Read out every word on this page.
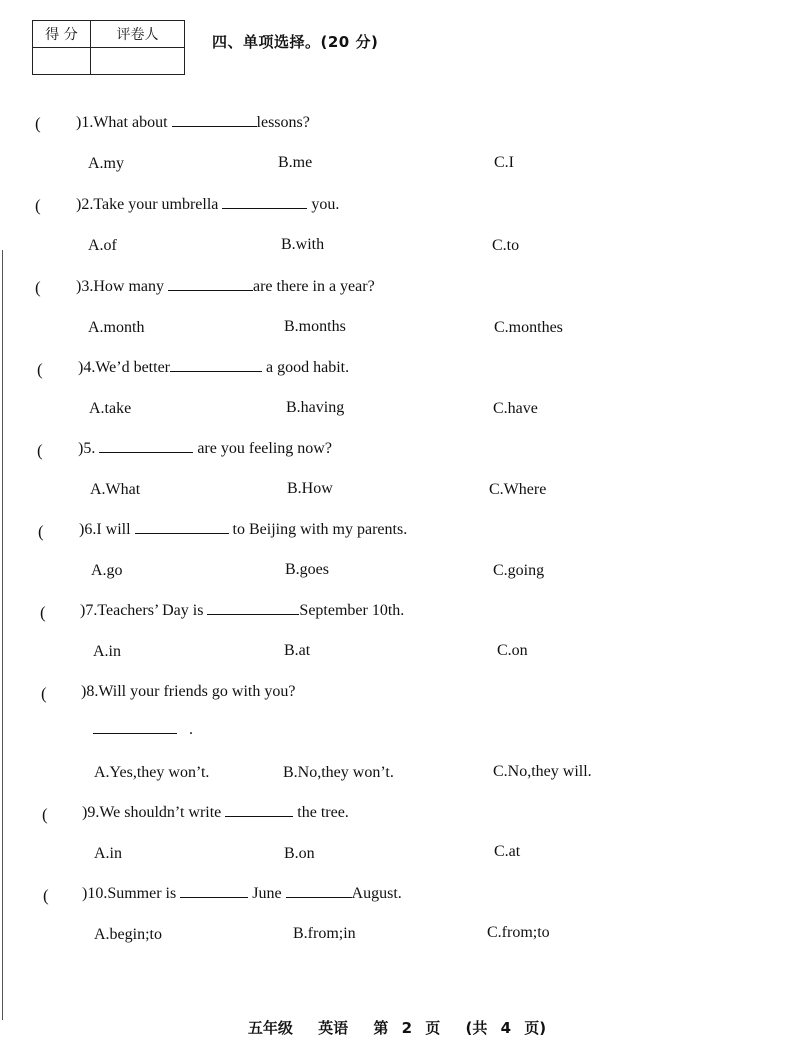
得 分	评卷人
		四、单项选择。(20 分)
( )1.What about	lessons?
A.my	B.me	C.I
( )2.Take your umbrella	you.
A.of	B.with	C.to
( )3.How many	are there in a year?
A.month	B.months	C.monthes
( )4.We’d better	a good habit.
A.take	B.having	C.have
( )5.	are you feeling now?
A.What	B.How	C.Where
( )6.I will	to Beijing with my parents.
A.go	B.goes	C.going
( )7.Teachers’ Day is	September 10th.
A.in	B.at	C.on
( )8.Will your friends go with you?
.
A.Yes,they won’t.	B.No,they won’t.	C.No,they will.
( )9.We shouldn’t write	the tree.
A.in	B.on	C.at
( )10.Summer is	June	August.
A.begin;to	B.from;in	C.from;to
五年级 英语 第 2 页 (共 4 页)
